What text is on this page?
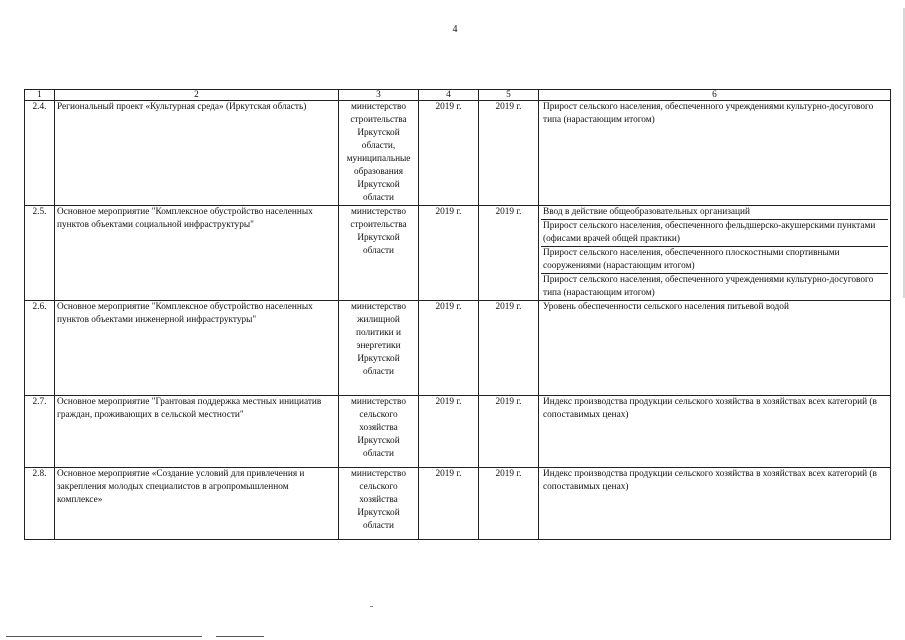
4
1	2	3	4	5	6
2.4.	Региональный проект «Культурная среда» (Иркутская область)	министерство строительства Иркутской области, муниципальные образования Иркутской области	2019 г.	2019 г.	Прирост сельского населения, обеспеченного учреждениями культурно-досугового типа (нарастающим итогом)

2.5.	Основное мероприятие "Комплексное обустройство населенных пунктов объектами социальной инфраструктуры"	министерство строительства Иркутской области	2019 г.	2019 г.	Ввод в действие общеобразовательных организаций
Прирост сельского населения, обеспеченного фельдшерско-акушерскими пунктами (офисами врачей общей практики)
Прирост сельского населения, обеспеченного плоскостными спортивными сооружениями (нарастающим итогом)
Прирост сельского населения, обеспеченного учреждениями культурно-досугового типа (нарастающим итогом)

2.6.	Основное мероприятие "Комплексное обустройство населенных пунктов объектами инженерной инфраструктуры"	министерство жилищной политики и энергетики Иркутской области	2019 г.	2019 г.	Уровень обеспеченности сельского населения питьевой водой

2.7.	Основное мероприятие "Грантовая поддержка местных инициатив граждан, проживающих в сельской местности"	министерство сельского хозяйства Иркутской области	2019 г.	2019 г.	Индекс производства продукции сельского хозяйства в хозяйствах всех категорий (в сопоставимых ценах)

2.8.	Основное мероприятие «Создание условий для привлечения и закрепления молодых специалистов в агропромышленном комплексе»	министерство сельского хозяйства Иркутской области	2019 г.	2019 г.	Индекс производства продукции сельского хозяйства в хозяйствах всех категорий (в сопоставимых ценах)
